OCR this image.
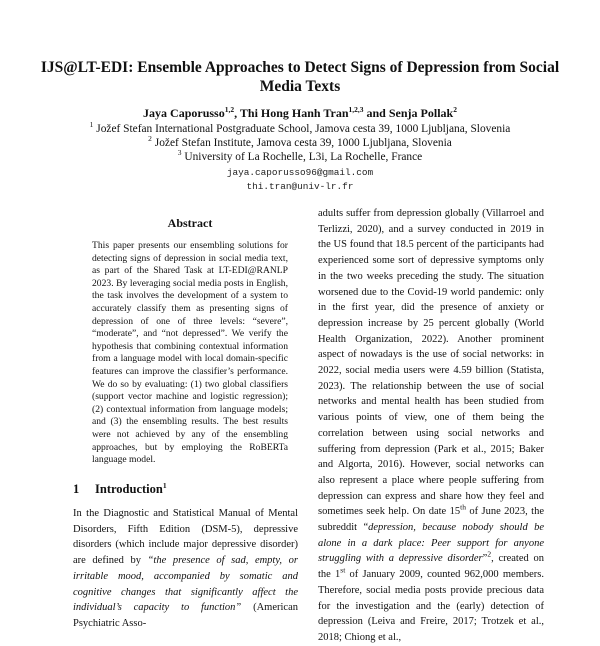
IJS@LT-EDI: Ensemble Approaches to Detect Signs of Depression from Social Media Texts
Jaya Caporusso$^{1,2}$, Thi Hong Hanh Tran$^{1,2,3}$ and Senja Pollak$^2$
$^1$ Jožef Stefan International Postgraduate School, Jamova cesta 39, 1000 Ljubljana, Slovenia
$^2$ Jožef Stefan Institute, Jamova cesta 39, 1000 Ljubljana, Slovenia
$^3$ University of La Rochelle, L3i, La Rochelle, France
jaya.caporusso96@gmail.com
thi.tran@univ-lr.fr
Abstract
This paper presents our ensembling solutions for detecting signs of depression in social media text, as part of the Shared Task at LT-EDI@RANLP 2023. By leveraging social media posts in English, the task involves the development of a system to accurately classify them as presenting signs of depression of one of three levels: “severe”, “moderate”, and “not depressed”. We verify the hypothesis that combining contextual information from a language model with local domain-specific features can improve the classifier’s performance. We do so by evaluating: (1) two global classifiers (support vector machine and logistic regression); (2) contextual information from language models; and (3) the ensembling results. The best results were not achieved by any of the ensembling approaches, but by employing the RoBERTa language model.
1 Introduction$^1$
In the Diagnostic and Statistical Manual of Mental Disorders, Fifth Edition (DSM-5), depressive disorders (which include major depressive disorder) are defined by “the presence of sad, empty, or irritable mood, accompanied by somatic and cognitive changes that significantly affect the individual’s capacity to function” (American Psychiatric Asso-
adults suffer from depression globally (Villarroel and Terlizzi, 2020), and a survey conducted in 2019 in the US found that 18.5 percent of the participants had experienced some sort of depressive symptoms only in the two weeks preceding the study. The situation worsened due to the Covid-19 world pandemic: only in the first year, did the presence of anxiety or depression increase by 25 percent globally (World Health Organization, 2022). Another prominent aspect of nowadays is the use of social networks: in 2022, social media users were 4.59 billion (Statista, 2023). The relationship between the use of social networks and mental health has been studied from various points of view, one of them being the correlation between using social networks and suffering from depression (Park et al., 2015; Baker and Algorta, 2016). However, social networks can also represent a place where people suffering from depression can express and share how they feel and sometimes seek help. On date 15th of June 2023, the subreddit “depression, because nobody should be alone in a dark place: Peer support for anyone struggling with a depressive disorder”$^2$, created on the 1st of January 2009, counted 962,000 members. Therefore, social media posts provide precious data for the investigation and the (early) detection of depression (Leiva and Freire, 2017; Trotzek et al., 2018; Chiong et al.,
